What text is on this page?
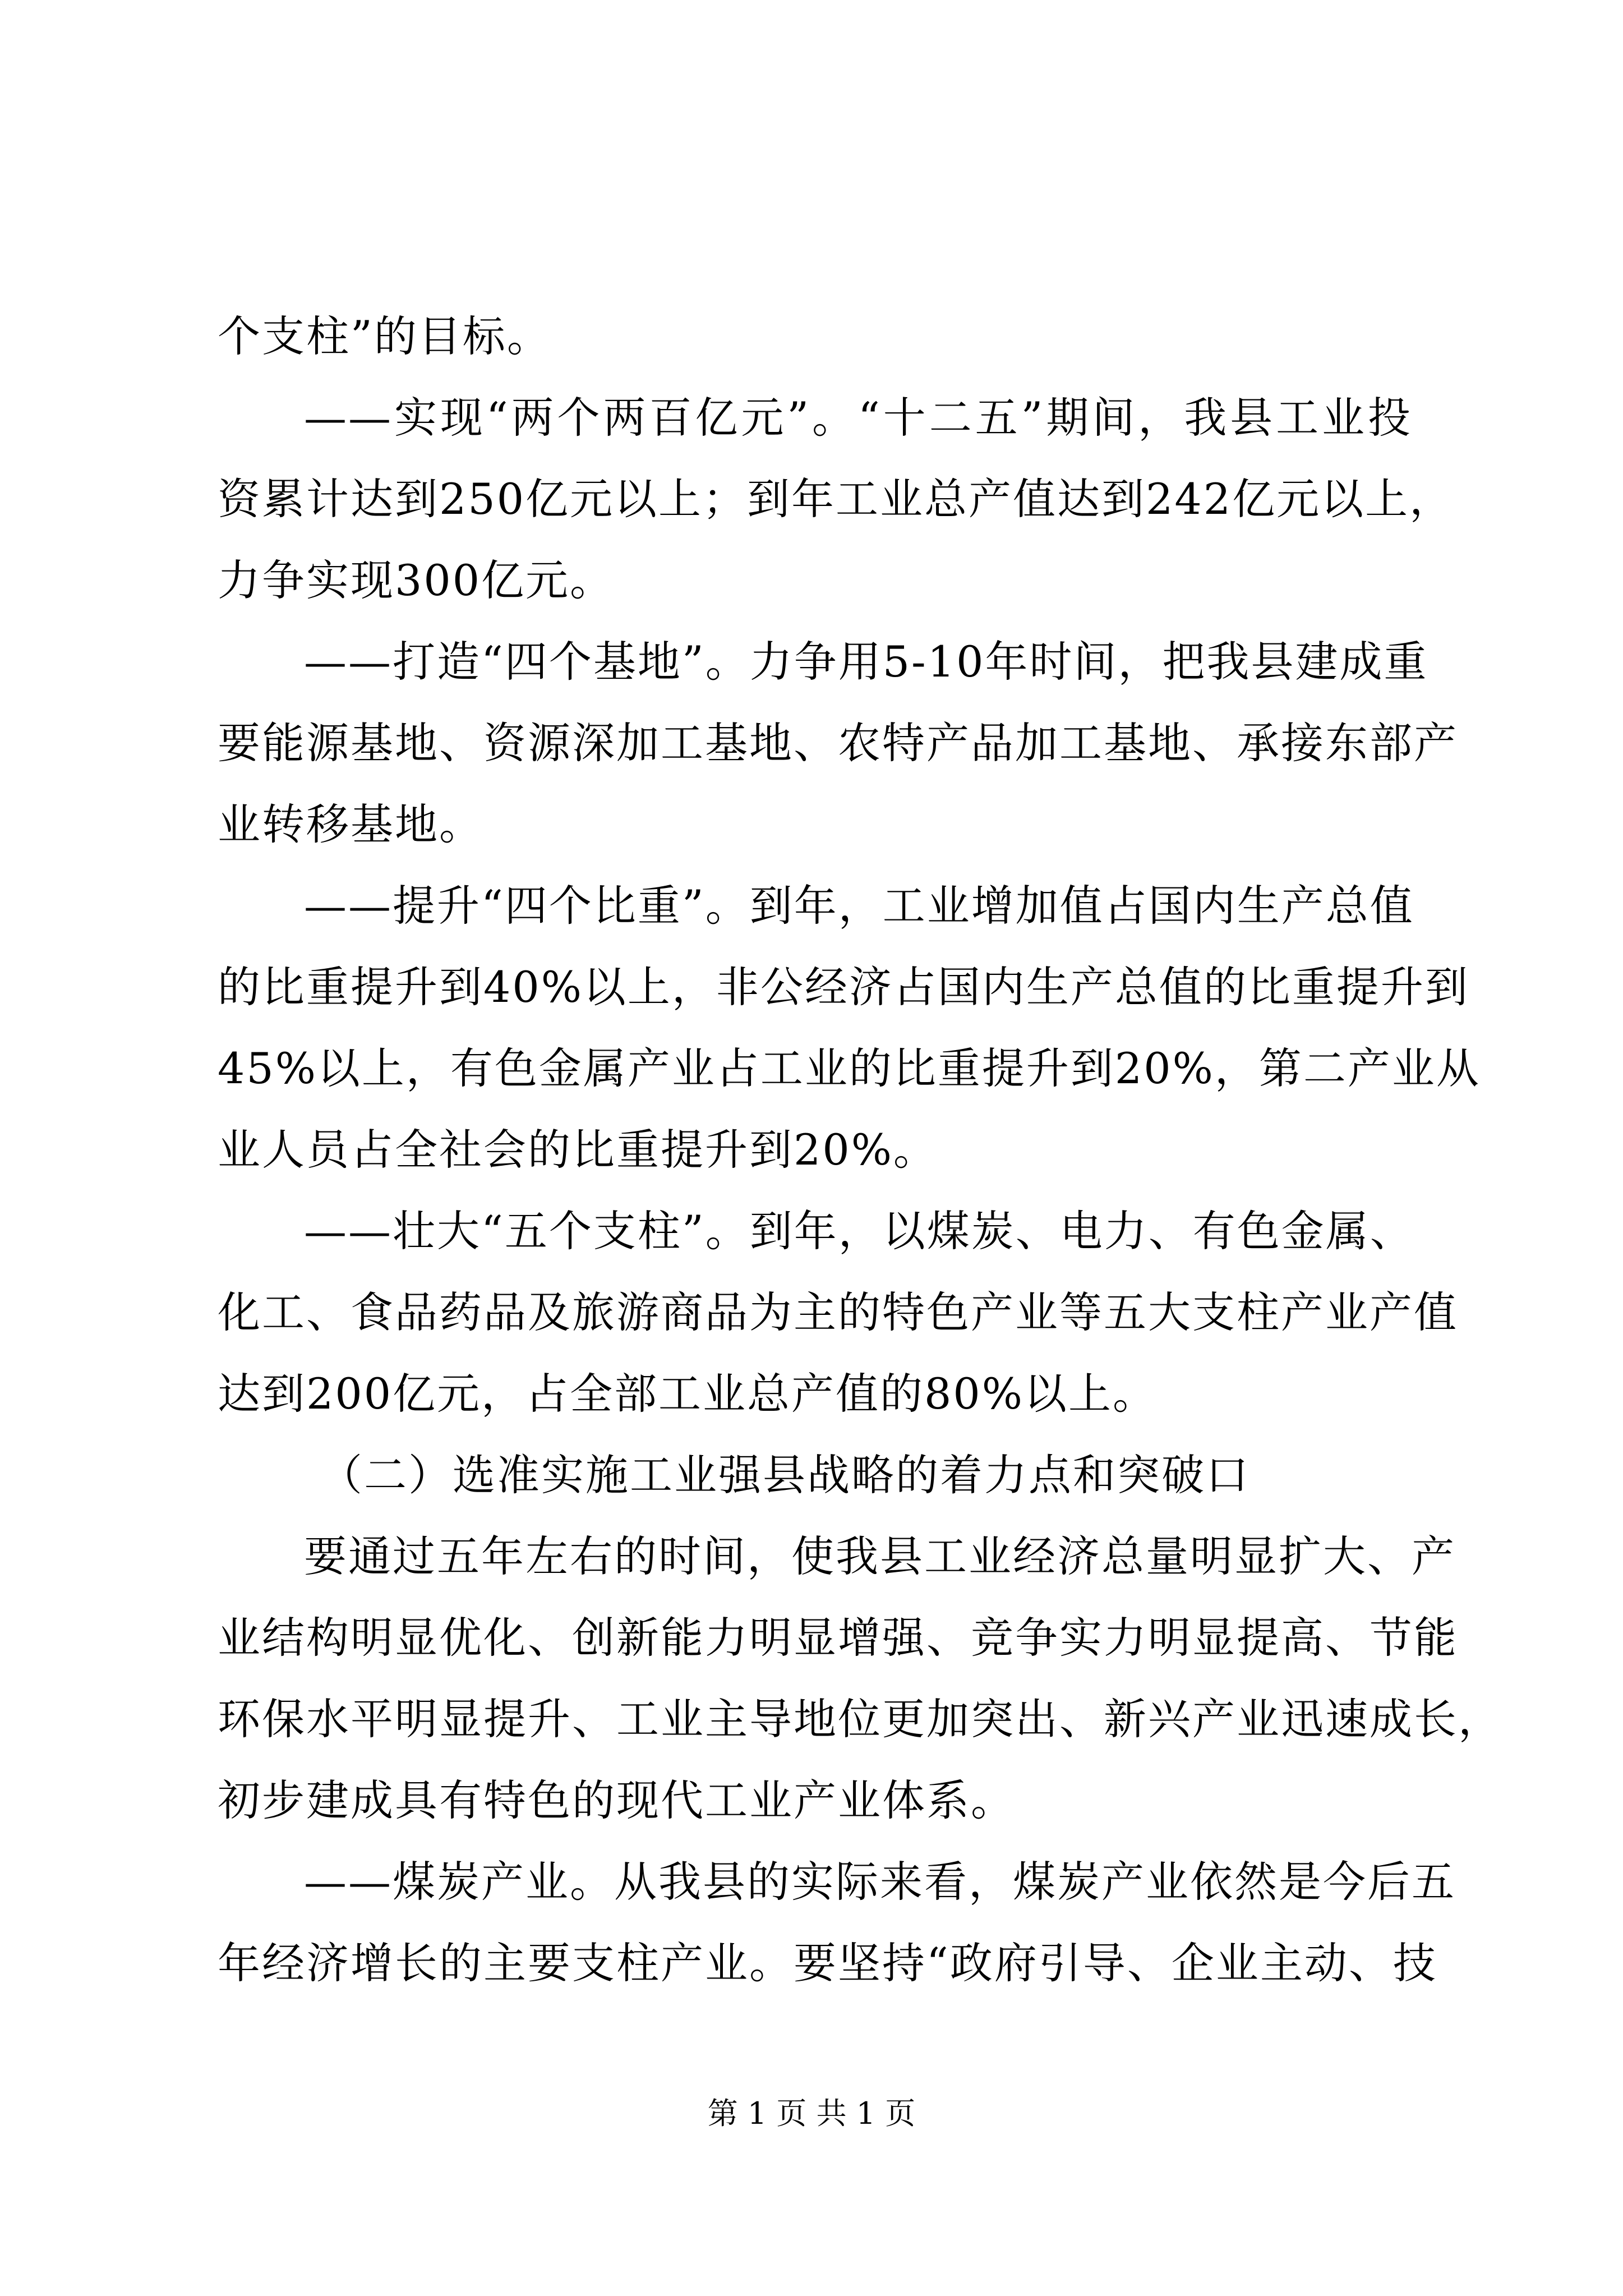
个支柱”的目标。
——实现“两个两百亿元”。“十二五”期间，我县工业投
资累计达到250亿元以上；到年工业总产值达到242亿元以上，
力争实现300亿元。
——打造“四个基地”。力争用5-10年时间，把我县建成重
要能源基地、资源深加工基地、农特产品加工基地、承接东部产
业转移基地。
——提升“四个比重”。到年，工业增加值占国内生产总值
的比重提升到40%以上，非公经济占国内生产总值的比重提升到
45%以上，有色金属产业占工业的比重提升到20%，第二产业从
业人员占全社会的比重提升到20%。
——壮大“五个支柱”。到年，以煤炭、电力、有色金属、
化工、食品药品及旅游商品为主的特色产业等五大支柱产业产值
达到200亿元，占全部工业总产值的80%以上。
（二）选准实施工业强县战略的着力点和突破口
要通过五年左右的时间，使我县工业经济总量明显扩大、产
业结构明显优化、创新能力明显增强、竞争实力明显提高、节能
环保水平明显提升、工业主导地位更加突出、新兴产业迅速成长，
初步建成具有特色的现代工业产业体系。
——煤炭产业。从我县的实际来看，煤炭产业依然是今后五
年经济增长的主要支柱产业。要坚持“政府引导、企业主动、技
第 1 页 共 1 页
